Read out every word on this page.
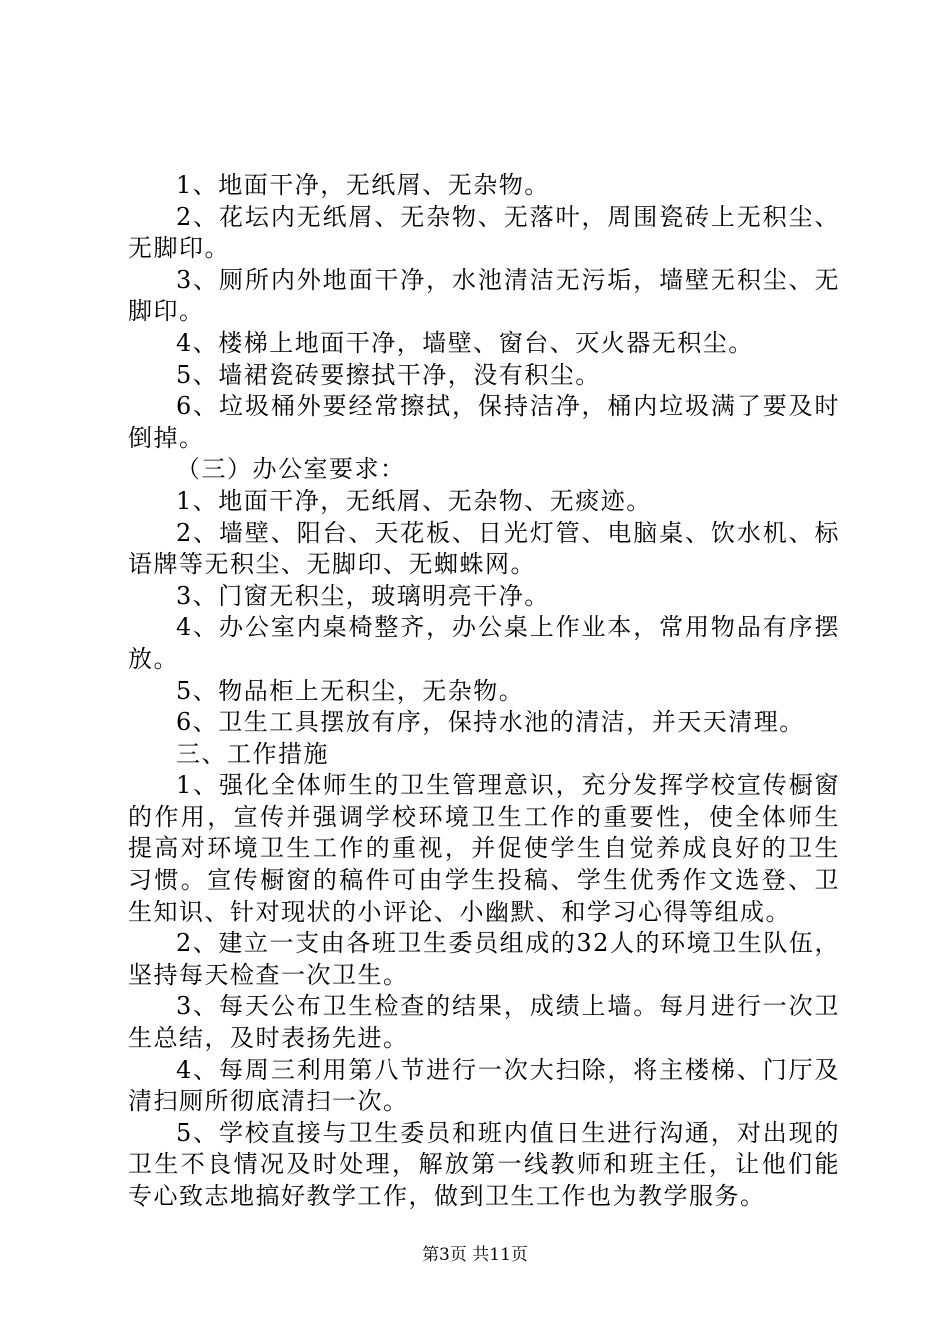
1、地面干净，无纸屑、无杂物。

2、花坛内无纸屑、无杂物、无落叶，周围瓷砖上无积尘、无脚印。

3、厕所内外地面干净，水池清洁无污垢，墙壁无积尘、无脚印。

4、楼梯上地面干净，墙壁、窗台、灭火器无积尘。

5、墙裙瓷砖要擦拭干净，没有积尘。

6、垃圾桶外要经常擦拭，保持洁净，桶内垃圾满了要及时倒掉。

（三）办公室要求：

1、地面干净，无纸屑、无杂物、无痰迹。

2、墙壁、阳台、天花板、日光灯管、电脑桌、饮水机、标语牌等无积尘、无脚印、无蜘蛛网。

3、门窗无积尘，玻璃明亮干净。

4、办公室内桌椅整齐，办公桌上作业本，常用物品有序摆放。

5、物品柜上无积尘，无杂物。

6、卫生工具摆放有序，保持水池的清洁，并天天清理。

三、工作措施

1、强化全体师生的卫生管理意识，充分发挥学校宣传橱窗的作用，宣传并强调学校环境卫生工作的重要性，使全体师生提高对环境卫生工作的重视，并促使学生自觉养成良好的卫生习惯。宣传橱窗的稿件可由学生投稿、学生优秀作文选登、卫生知识、针对现状的小评论、小幽默、和学习心得等组成。

2、建立一支由各班卫生委员组成的32人的环境卫生队伍，坚持每天检查一次卫生。

3、每天公布卫生检查的结果，成绩上墙。每月进行一次卫生总结，及时表扬先进。

4、每周三利用第八节进行一次大扫除，将主楼梯、门厅及清扫厕所彻底清扫一次。

5、学校直接与卫生委员和班内值日生进行沟通，对出现的卫生不良情况及时处理，解放第一线教师和班主任，让他们能专心致志地搞好教学工作，做到卫生工作也为教学服务。

第3页 共11页
